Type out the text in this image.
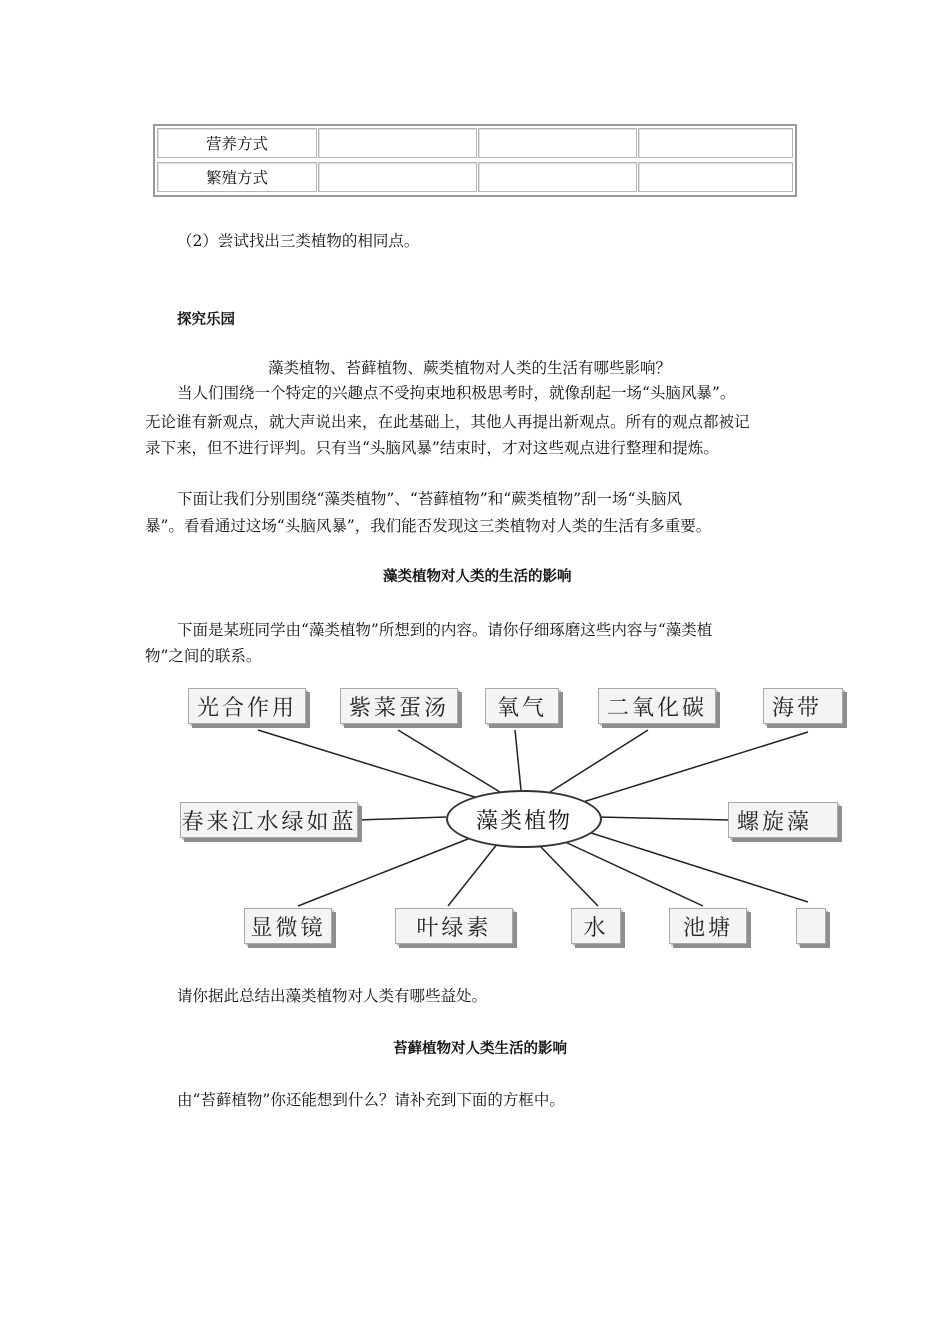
营养方式
繁殖方式
（2）尝试找出三类植物的相同点。
探究乐园
藻类植物、苔藓植物、蕨类植物对人类的生活有哪些影响？
当人们围绕一个特定的兴趣点不受拘束地积极思考时，就像刮起一场“头脑风暴”。
无论谁有新观点，就大声说出来，在此基础上，其他人再提出新观点。所有的观点都被记
录下来，但不进行评判。只有当“头脑风暴”结束时，才对这些观点进行整理和提炼。
下面让我们分别围绕“藻类植物”、“苔藓植物”和“蕨类植物”刮一场“头脑风
暴”。看看通过这场“头脑风暴”，我们能否发现这三类植物对人类的生活有多重要。
藻类植物对人类的生活的影响
下面是某班同学由“藻类植物”所想到的内容。请你仔细琢磨这些内容与“藻类植
物”之间的联系。
藻类植物
光合作用	紫菜蛋汤	氧气	二氧化碳	海带
春来江水绿如蓝	螺旋藻
显微镜	叶绿素	水	池塘
请你据此总结出藻类植物对人类有哪些益处。
苔藓植物对人类生活的影响
由“苔藓植物”你还能想到什么？请补充到下面的方框中。
